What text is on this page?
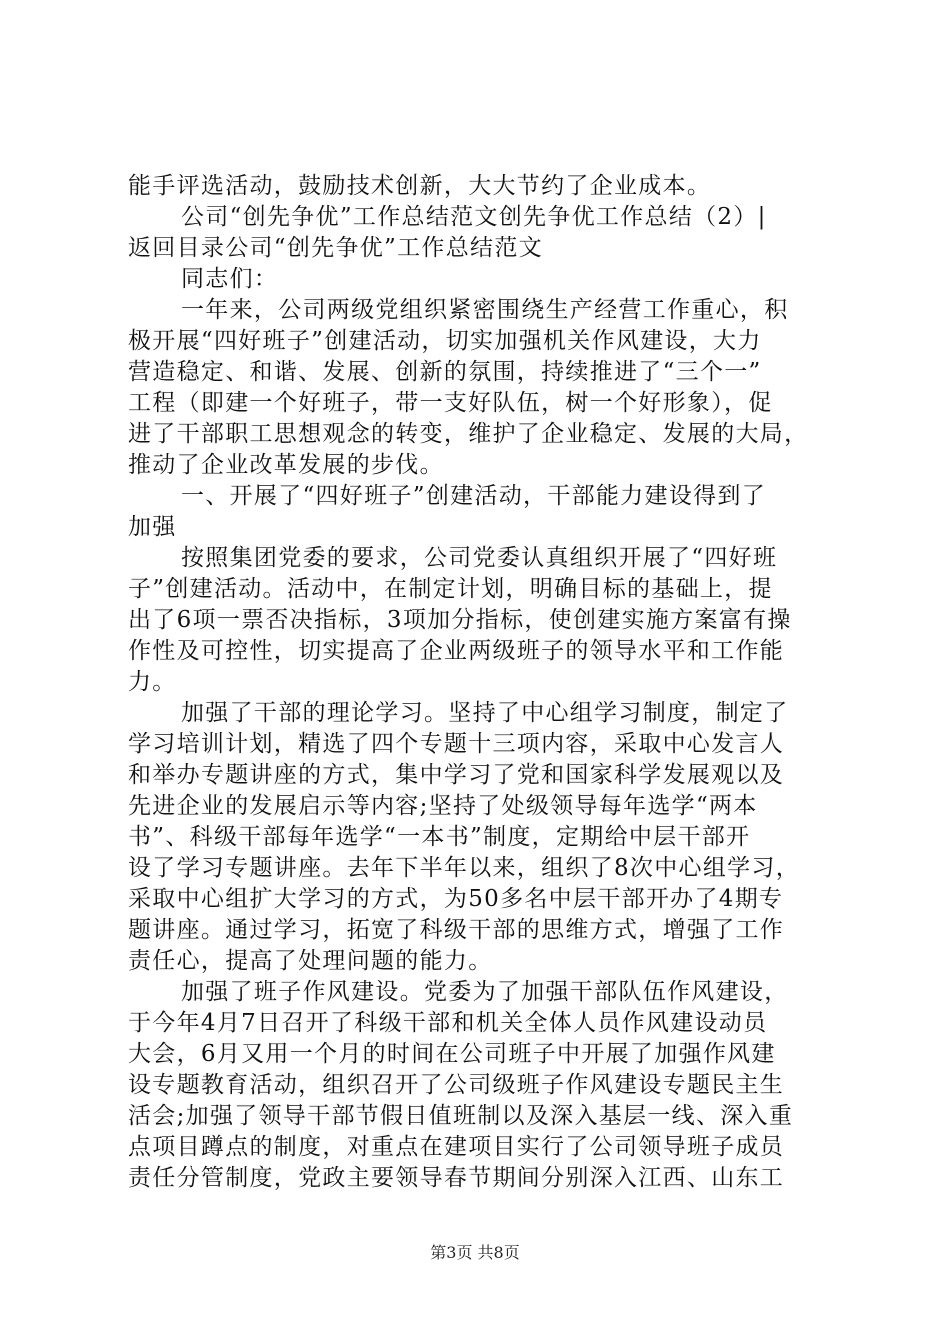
能手评选活动，鼓励技术创新，大大节约了企业成本。
公司“创先争优”工作总结范文创先争优工作总结（2）|
返回目录公司“创先争优”工作总结范文
同志们：
一年来，公司两级党组织紧密围绕生产经营工作重心，积
极开展“四好班子”创建活动，切实加强机关作风建设，大力
营造稳定、和谐、发展、创新的氛围，持续推进了“三个一”
工程（即建一个好班子，带一支好队伍，树一个好形象），促
进了干部职工思想观念的转变，维护了企业稳定、发展的大局，
推动了企业改革发展的步伐。
一、开展了“四好班子”创建活动，干部能力建设得到了
加强
按照集团党委的要求，公司党委认真组织开展了“四好班
子”创建活动。活动中，在制定计划，明确目标的基础上，提
出了6项一票否决指标，3项加分指标，使创建实施方案富有操
作性及可控性，切实提高了企业两级班子的领导水平和工作能
力。
加强了干部的理论学习。坚持了中心组学习制度，制定了
学习培训计划，精选了四个专题十三项内容，采取中心发言人
和举办专题讲座的方式，集中学习了党和国家科学发展观以及
先进企业的发展启示等内容;坚持了处级领导每年选学“两本
书”、科级干部每年选学“一本书”制度，定期给中层干部开
设了学习专题讲座。去年下半年以来，组织了8次中心组学习，
采取中心组扩大学习的方式，为50多名中层干部开办了4期专
题讲座。通过学习，拓宽了科级干部的思维方式，增强了工作
责任心，提高了处理问题的能力。
加强了班子作风建设。党委为了加强干部队伍作风建设，
于今年4月7日召开了科级干部和机关全体人员作风建设动员
大会，6月又用一个月的时间在公司班子中开展了加强作风建
设专题教育活动，组织召开了公司级班子作风建设专题民主生
活会;加强了领导干部节假日值班制以及深入基层一线、深入重
点项目蹲点的制度，对重点在建项目实行了公司领导班子成员
责任分管制度，党政主要领导春节期间分别深入江西、山东工
第3页 共8页
